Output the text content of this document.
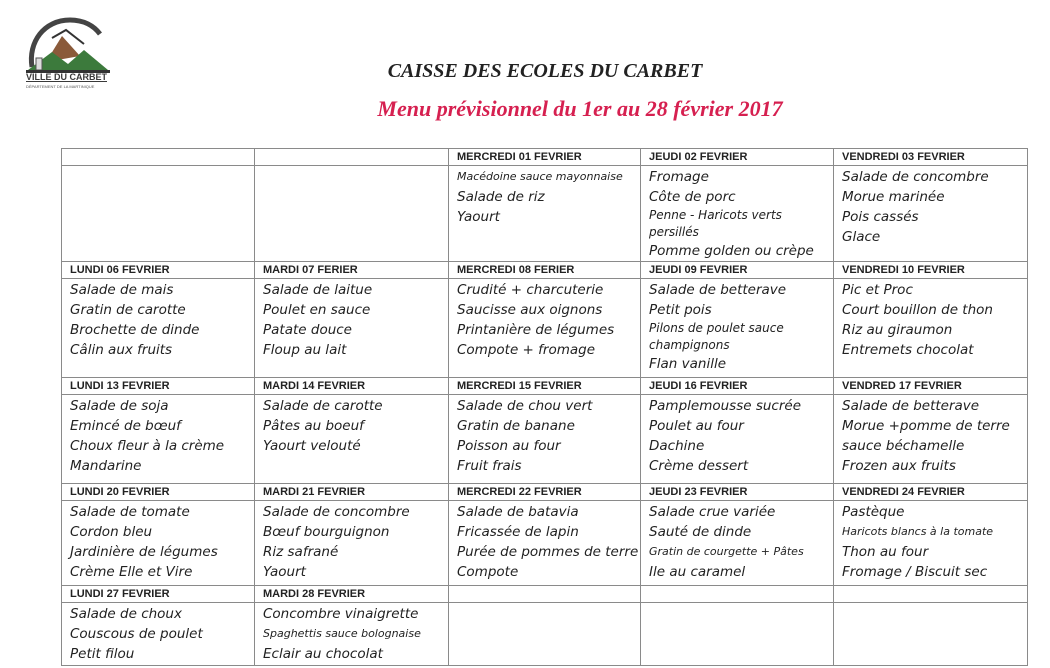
VILLE DU CARBET
DÉPARTEMENT DE LA MARTINIQUE
CAISSE DES ECOLES DU CARBET
Menu prévisionnel du 1er au 28 février 2017
		MERCREDI 01 FEVRIER	JEUDI 02 FEVRIER	VENDREDI 03 FEVRIER

		Macédoine sauce mayonnaise
Salade de riz
Yaourt	Fromage
Côte de porc
Penne - Haricots verts persillés
Pomme golden ou crèpe	Salade de concombre
Morue marinée
Pois cassés
Glace

LUNDI 06 FEVRIER	MARDI 07 FERIER	MERCREDI 08 FERIER	JEUDI 09 FEVRIER	VENDREDI 10 FEVRIER

Salade de mais
Gratin de carotte
Brochette de dinde
Câlin aux fruits	Salade de laitue
Poulet en sauce
Patate douce
Floup au lait	Crudité + charcuterie
Saucisse aux oignons
Printanière de légumes
Compote + fromage	Salade de betterave
Petit pois
Pilons de poulet sauce champignons
Flan vanille	Pic et Proc
Court bouillon de thon
Riz au giraumon
Entremets chocolat

LUNDI 13 FEVRIER	MARDI 14 FEVRIER	MERCREDI 15 FEVRIER	JEUDI 16 FEVRIER	VENDRED 17 FEVRIER

Salade de soja
Emincé de bœuf
Choux fleur à la crème
Mandarine	Salade de carotte
Pâtes au boeuf
Yaourt velouté	Salade de chou vert
Gratin de banane
Poisson au four
Fruit frais	Pamplemousse sucrée
Poulet au four
Dachine
Crème dessert	Salade de betterave
Morue +pomme de terre
sauce béchamelle
Frozen aux fruits

LUNDI 20 FEVRIER	MARDI 21 FEVRIER	MERCREDI 22 FEVRIER	JEUDI 23 FEVRIER	VENDREDI 24 FEVRIER

Salade de tomate
Cordon bleu
Jardinière de légumes
Crème Elle et Vire	Salade de concombre
Bœuf bourguignon
Riz safrané
Yaourt	Salade de batavia
Fricassée de lapin
Purée de pommes de terre
Compote	Salade crue variée
Sauté de dinde
Gratin de courgette + Pâtes
Ile au caramel	Pastèque
Haricots blancs à la tomate
Thon au four
Fromage / Biscuit sec

LUNDI 27 FEVRIER	MARDI 28 FEVRIER			

Salade de choux
Couscous de poulet
Petit filou	Concombre vinaigrette
Spaghettis sauce bolognaise
Eclair au chocolat			
